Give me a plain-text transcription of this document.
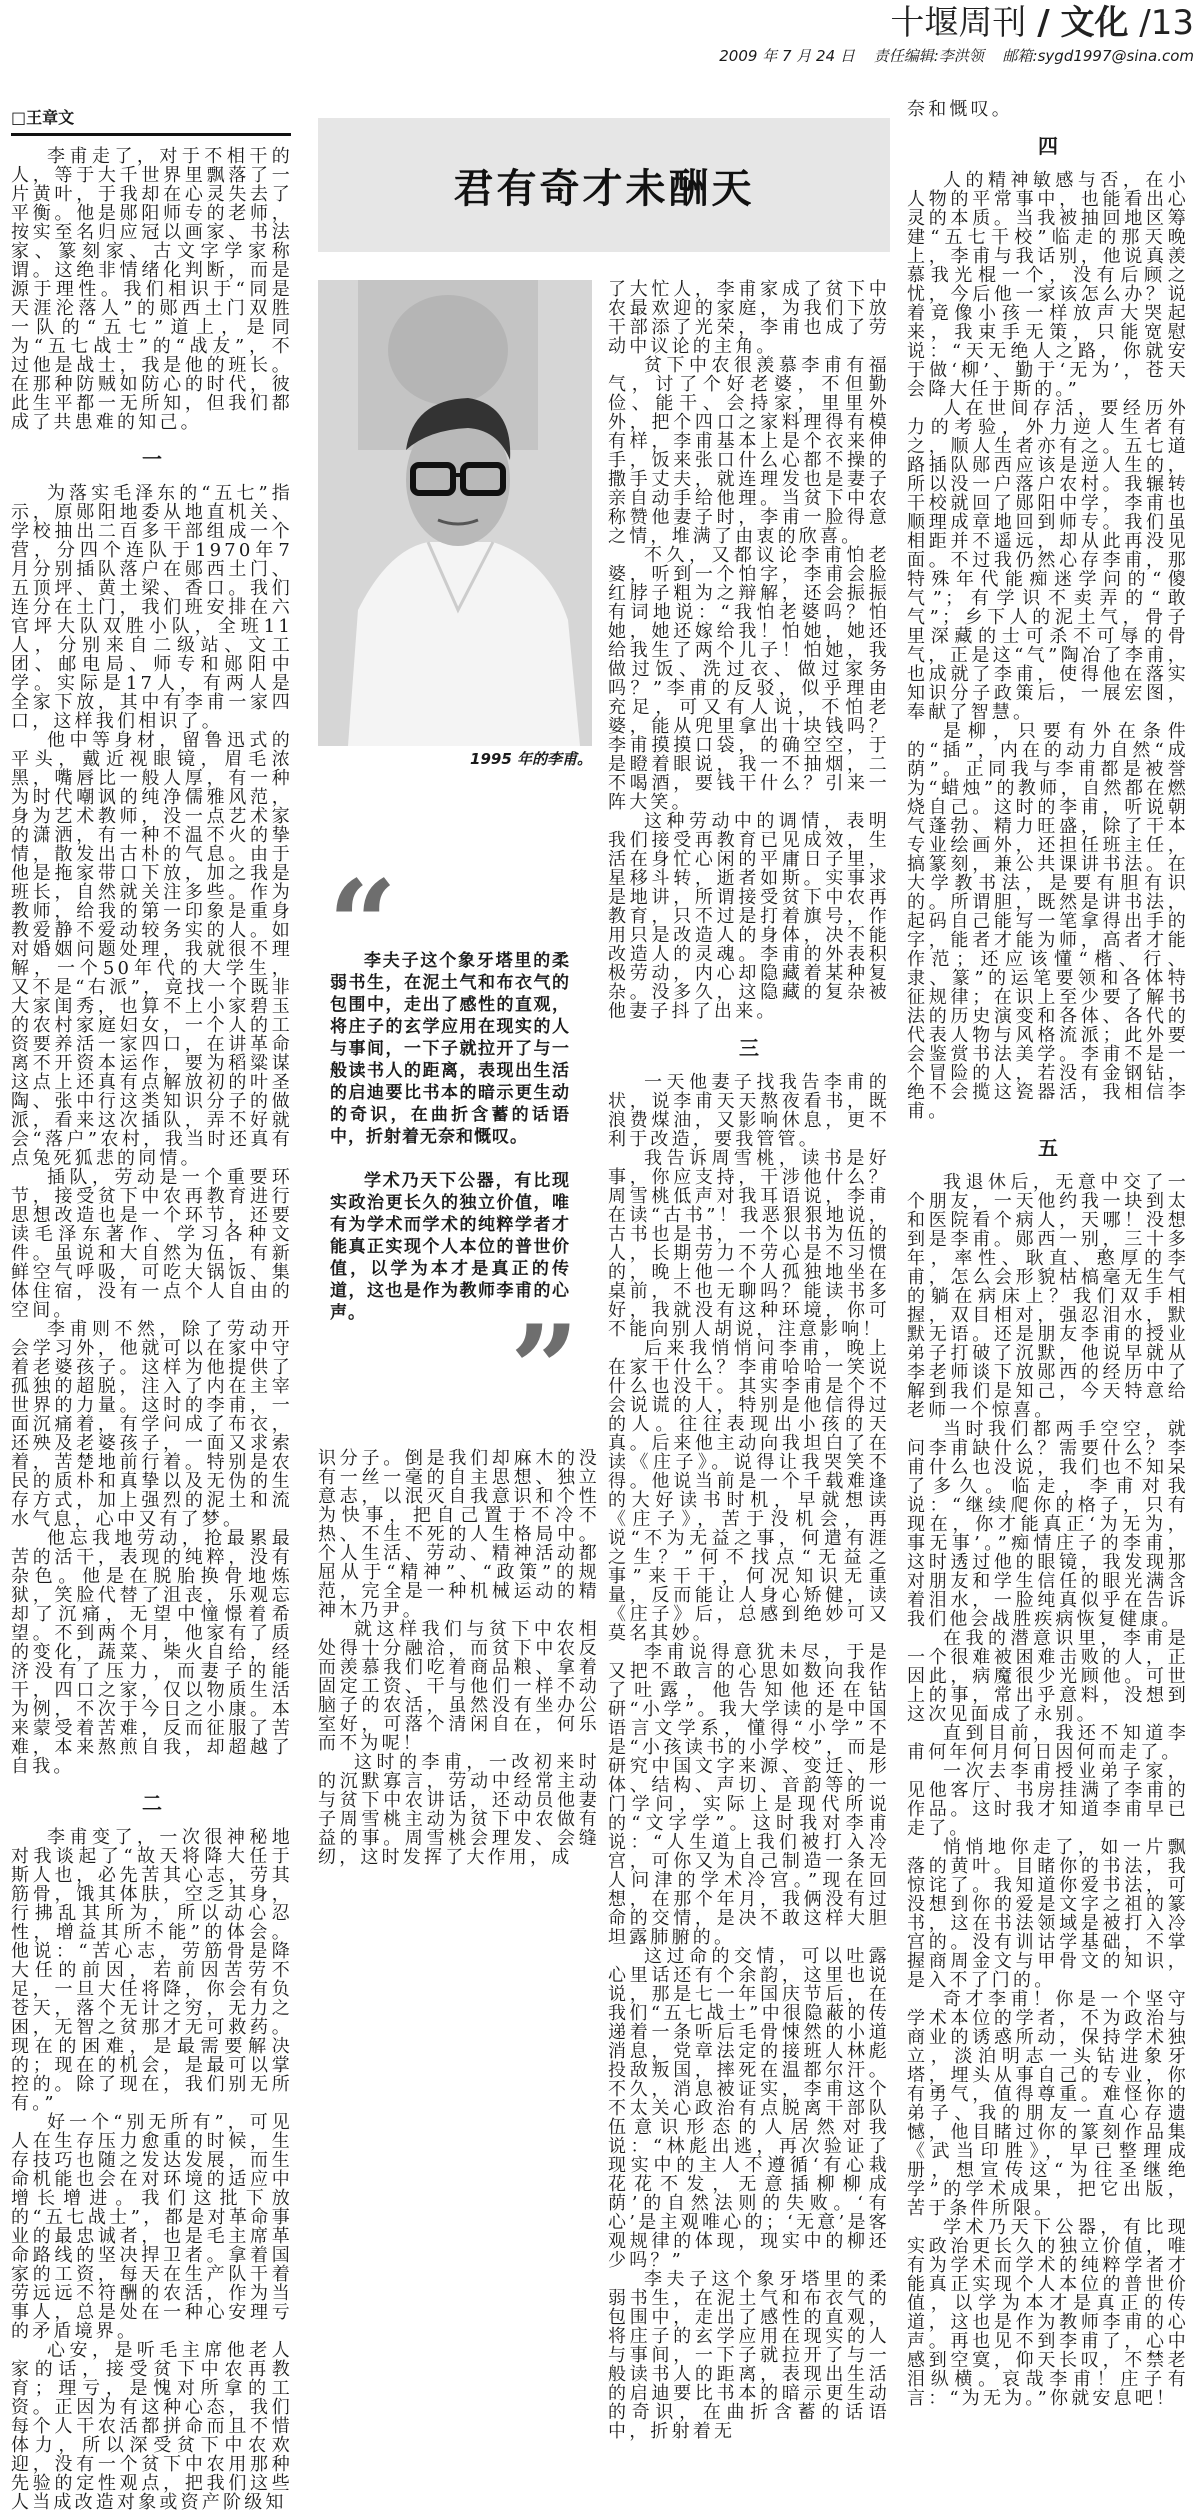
十堰周刊 / 文化 /13
2009 年 7 月 24 日 责任编辑:李洪领 邮箱:sygd1997@sina.com
□王章文
君有奇才未酬天
1995 年的李甫。
“

李夫子这个象牙塔里的柔弱书生，在泥土气和布衣气的包围中，走出了感性的直观，将庄子的玄学应用在现实的人与事间，一下子就拉开了与一般读书人的距离，表现出生活的启迪要比书本的暗示更生动的奇识，在曲折含蓄的话语中，折射着无奈和慨叹。

学术乃天下公器，有比现实政治更长久的独立价值，唯有为学术而学术的纯粹学者才能真正实现个人本位的普世价值，以学为本才是真正的传道，这也是作为教师李甫的心声。	”

李甫走了，对于不相干的人，等于大千世界里飘落了一片黄叶，于我却在心灵失去了平衡。他是郧阳师专的老师，按实至名归应冠以画家、书法家、篆刻家、古文字学家称谓。这绝非情绪化判断，而是源于理性。我们相识于“同是天涯沦落人”的郧西土门双胜一队的“五七”道上，是同为“五七战士”的“战友”，不过他是战士，我是他的班长。在那种防贼如防心的时代，彼此生平都一无所知，但我们都成了共患难的知己。

一

为落实毛泽东的“五七”指示，原郧阳地委从地直机关、学校抽出二百多干部组成一个营，分四个连队于1970年7月分别插队落户在郧西土门、五顶坪、黄土梁、香口。我们连分在土门，我们班安排在六官坪大队双胜小队，全班11人，分别来自二级站、文工团、邮电局、师专和郧阳中学。实际是17人，有两人是全家下放，其中有李甫一家四口，这样我们相识了。

他中等身材，留鲁迅式的平头，戴近视眼镜，眉毛浓黑，嘴唇比一般人厚，有一种为时代嘲讽的纯净儒雅风范，身为艺术教师，没一点艺术家的潇洒，有一种不温不火的挚情，散发出古朴的气息。由于他是拖家带口下放，加之我是班长，自然就关注多些。作为教师，给我的第一印象是重身教爱静不爱动较务实的人。如对婚姻问题处理，我就很不理解，一个50年代的大学生，又不是“右派”，竟找一个既非大家闺秀，也算不上小家碧玉的农村家庭妇女，一个人的工资要养活一家四口，在讲革命离不开资本运作，要为稻粱谋这点上还真有点解放初的叶圣陶、张中行这类知识分子的做派，看来这次插队，弄不好就会“落户”农村，我当时还真有点兔死狐悲的同情。

插队，劳动是一个重要环节，接受贫下中农再教育进行思想改造也是一个环节，还要读毛泽东著作、学习各种文件。虽说和大自然为伍，有新鲜空气呼吸，可吃大锅饭、集体住宿，没有一点个人自由的空间。

李甫则不然，除了劳动开会学习外，他就可以在家中守着老婆孩子。这样为他提供了孤独的超脱，注入了内在主宰世界的力量。这时的李甫，一面沉痛着，有学问成了布衣，还殃及老婆孩子，一面又求索着，苦楚地前行着。特别是农民的质朴和真挚以及无伪的生存方式，加上强烈的泥土和流水气息，心中又有了梦。

他忘我地劳动，抢最累最苦的活干，表现的纯粹，没有杂色。他是在脱胎换骨地炼狱，笑脸代替了沮丧，乐观忘却了沉痛，无望中憧憬着希望。不到两个月，他家有了质的变化，蔬菜、柴火自给，经济没有了压力，而妻子的能干，四口之家，仅以物质生活为例，不次于今日之小康。本来蒙受着苦难，反而征服了苦难，本来熬煎自我，却超越了自我。

二

李甫变了，一次很神秘地对我谈起了“故天将降大任于斯人也，必先苦其心志，劳其筋骨，饿其体肤，空乏其身，行拂乱其所为，所以动心忍性，增益其所不能”的体会。他说：“苦心志，劳筋骨是降大任的前因，若前因苦劳不足，一旦大任将降，你会有负苍天，落个无计之穷，无力之困，无智之贫那才无可救药。现在的困难，是最需要解决的；现在的机会，是最可以掌控的。除了现在，我们别无所有。”

好一个“别无所有”，可见人在生存压力愈重的时候，生存技巧也随之发达发展，而生命机能也会在对环境的适应中增长增进。我们这批下放的“五七战士”，都是对革命事业的最忠诚者，也是毛主席革命路线的坚决捍卫者。拿着国家的工资，每天在生产队干着劳远远不符酬的农活，作为当事人，总是处在一种心安理亏的矛盾境界。

心安，是听毛主席他老人家的话，接受贫下中农再教育；理亏，是愧对所拿的工资。正因为有这种心态，我们每个人干农活都拼命而且不惜体力，所以深受贫下中农欢迎，没有一个贫下中农用那种先验的定性观点，把我们这些人当成改造对象或资产阶级知

识分子。倒是我们却麻木的没有一丝一毫的自主思想、独立意志，以泯灭自我意识和个性为快事，把自己置于不冷不热、不生不死的人生格局中。个人生活、劳动、精神活动都屈从于“精神”、“政策”的规范，完全是一种机械运动的精神木乃尹。

就这样我们与贫下中农相处得十分融洽，而贫下中农反而羡慕我们吃着商品粮、拿着固定工资、干与他们一样不动脑子的农活，虽然没有坐办公室好，可落个清闲自在，何乐而不为呢！

这时的李甫，一改初来时的沉默寡言，劳动中经常主动与贫下中农讲话，还动员他妻子周雪桃主动为贫下中农做有益的事。周雪桃会理发、会缝纫，这时发挥了大作用，成

了大忙人，李甫家成了贫下中农最欢迎的家庭，为我们下放干部添了光荣，李甫也成了劳动中议论的主角。

贫下中农很羡慕李甫有福气，讨了个好老婆，不但勤俭、能干、会持家，里里外外，把个四口之家料理得有模有样，李甫基本上是个衣来伸手，饭来张口什么心都不操的撒手丈夫，就连理发也是妻子亲自动手给他理。当贫下中农称赞他妻子时，李甫一脸得意之情，堆满了由衷的欣喜。

不久，又都议论李甫怕老婆，听到一个怕字，李甫会脸红脖子粗为之辩解，还会振振有词地说：“我怕老婆吗？怕她，她还嫁给我！怕她，她还给我生了两个儿子！怕她，我做过饭、洗过衣、做过家务吗？”李甫的反驳，似乎理由充足，可又有人说，不怕老婆，能从兜里拿出十块钱吗？李甫摸摸口袋，的确空空，于是瞪着眼说，我一不抽烟，二不喝酒，要钱干什么？引来一阵大笑。

这种劳动中的调情，表明我们接受再教育已见成效，生活在身忙心闲的平庸日子里，星移斗转，逝者如斯。实事求是地讲，所谓接受贫下中农再教育，只不过是打着旗号，作用只是改造人的身体，决不能改造人的灵魂。李甫的外表积极劳动，内心却隐藏着某种复杂。没多久，这隐藏的复杂被他妻子抖了出来。

三

一天他妻子找我告李甫的状，说李甫天天熬夜看书，既浪费煤油，又影响休息，更不利于改造，要我管管。

我告诉周雪桃，读书是好事，你应支持，干涉他什么？周雪桃低声对我耳语说，李甫在读“古书”！我恶狠狠地说，古书也是书，一个以书为伍的人，长期劳力不劳心是不习惯的，晚上他一个人孤独地坐在桌前，不也无聊吗？能读书多好，我就没有这种环境，你可不能向别人胡说，注意影响！

后来我悄悄问李甫，晚上在家干什么？李甫哈哈一笑说什么也没干。其实李甫是个不会说谎的人，特别是他信得过的人。往往表现出小孩的天真。后来他主动向我坦白了在读《庄子》。说得让我哭笑不得。他说当前是一个千载难逢的大好读书时机，早就想读《庄子》，苦于没机会，再说“不为无益之事，何遣有涯之生？”何不找点“无益之事”来干干，何况知识无重量，反而能让人身心矫健，读《庄子》后，总感到绝妙可又莫名其妙。

李甫说得意犹未尽，于是又把不敢言的心思如数向我作了吐露，他告知他还在钻研“小学”。我大学读的是中国语言文学系，懂得“小学”不是“小孩读书的小学校”，而是研究中国文字来源、变迁、形体、结构、声切、音韵等的一门学问，实际上是现代所说的“文字学”。这时我对李甫说：“人生道上我们被打入冷宫，可你又为自己制造一条无人问津的学术冷宫。”现在回想，在那个年月，我俩没有过命的交情，是决不敢这样大胆坦露肺腑的。

这过命的交情，可以吐露心里话还有个余韵，这里也说说，那是七一年国庆节后，在我们“五七战士”中很隐蔽的传递着一条听后毛骨悚然的小道消息，党章法定的接班人林彪投敌叛国，摔死在温都尔汗。不久，消息被证实，李甫这个不太关心政治有点脱离干部队伍意识形态的人居然对我说：“林彪出逃，再次验证了现实中的主人不遵循‘有心栽花花不发，无意插柳柳成荫’的自然法则的失败。‘有心’是主观唯心的；‘无意’是客观规律的体现，现实中的柳还少吗？”

李夫子这个象牙塔里的柔弱书生，在泥土气和布衣气的包围中，走出了感性的直观，将庄子的玄学应用在现实的人与事间，一下子就拉开了与一般读书人的距离，表现出生活的启迪要比书本的暗示更生动的奇识，在曲折含蓄的话语中，折射着无

奈和慨叹。

四

人的精神敏感与否，在小人物的平常事中，也能看出心灵的本质。当我被抽回地区筹建“五七干校”临走的那天晚上，李甫与我话别，他说真羡慕我光棍一个，没有后顾之忧，今后他一家该怎么办？说着竟像小孩一样放声大哭起来，我束手无策，只能宽慰说：“天无绝人之路，你就安于做‘柳’、勤于‘无为’，苍天会降大任于斯的。”

人在世间存活，要经历外力的考验，外力逆人生者有之，顺人生者亦有之。五七道路插队郧西应该是逆人生的，所以没一户落户农村。我辗转干校就回了郧阳中学，李甫也顺理成章地回到师专。我们虽相距并不遥远，却从此再没见面。不过我仍然心存李甫，那特殊年代能痴迷学问的“傻气”；有学识不卖弄的“敢气”；乡下人的泥土气，骨子里深藏的士可杀不可辱的骨气，正是这“气”陶冶了李甫，也成就了李甫，使得他在落实知识分子政策后，一展宏图，奉献了智慧。

是柳，只要有外在条件的“插”，内在的动力自然“成荫”。正同我与李甫都是被誉为“蜡烛”的教师，自然都在燃烧自己。这时的李甫，听说朝气蓬勃、精力旺盛，除了干本专业绘画外，还担任班主任，搞篆刻，兼公共课讲书法。在大学教书法，是要有胆有识的。所谓胆，既然是讲书法，起码自己能写一笔拿得出手的字，能者才能为师，高者才能作范；还应该懂“楷、行、隶、篆”的运笔要领和各体特征规律；在识上至少要了解书法的历史演变和各体、各代的代表人物与风格流派；此外要会鉴赏书法美学。李甫不是一个冒险的人，若没有金钢钻，绝不会揽这瓷器活，我相信李甫。

五

我退休后，无意中交了一个朋友，一天他约我一块到太和医院看个病人，天哪！没想到是李甫。郧西一别，三十多年，率性、耿直、憨厚的李甫，怎么会形貌枯槁毫无生气的躺在病床上？我们双手相握，双目相对，强忍泪水，默默无语。还是朋友李甫的授业弟子打破了沉默，他说早就从李老师谈下放郧西的经历中了解到我们是知己，今天特意给老师一个惊喜。

当时我们都两手空空，就问李甫缺什么？需要什么？李甫什么也没说，我们也不知呆了多久。临走，李甫对我说：“继续爬你的格子，只有现在，你才能真正‘为无为，事无事’。”痴情庄子的李甫，这时透过他的眼镜，我发现那对朋友和学生信任的眼光满含着泪水，一脸纯真似乎在告诉我们他会战胜疾病恢复健康。

在我的潜意识里，李甫是一个很难被困难击败的人，正因此，病魔很少光顾他。可世上的事，常出乎意料，没想到这次见面成了永别。

直到目前，我还不知道李甫何年何月何日因何而走了。

一次去李甫授业弟子家，见他客厅、书房挂满了李甫的作品。这时我才知道李甫早已走了。

悄悄地你走了，如一片飘落的黄叶。目睹你的书法，我惊诧了。我知道你爱书法，可没想到你的爱是文字之祖的篆书，这在书法领域是被打入冷宫的。没有训诂学基础，不掌握商周金文与甲骨文的知识，是入不了门的。

奇才李甫！你是一个坚守学术本位的学者，不为政治与商业的诱惑所动，保持学术独立，淡泊明志一头钻进象牙塔，埋头从事自己的专业，你有勇气，值得尊重。难怪你的弟子、我的朋友一直心存遗憾，他目睹过你的篆刻作品集《武当印胜》，早已整理成册，想宣传这“为往圣继绝学”的学术成果，把它出版，苦于条件所限。

学术乃天下公器，有比现实政治更长久的独立价值，唯有为学术而学术的纯粹学者才能真正实现个人本位的普世价值，以学为本才是真正的传道，这也是作为教师李甫的心声。再也见不到李甫了，心中感到空寞，仰天长叹，不禁老泪纵横。哀哉李甫！庄子有言：“为无为。”你就安息吧！
